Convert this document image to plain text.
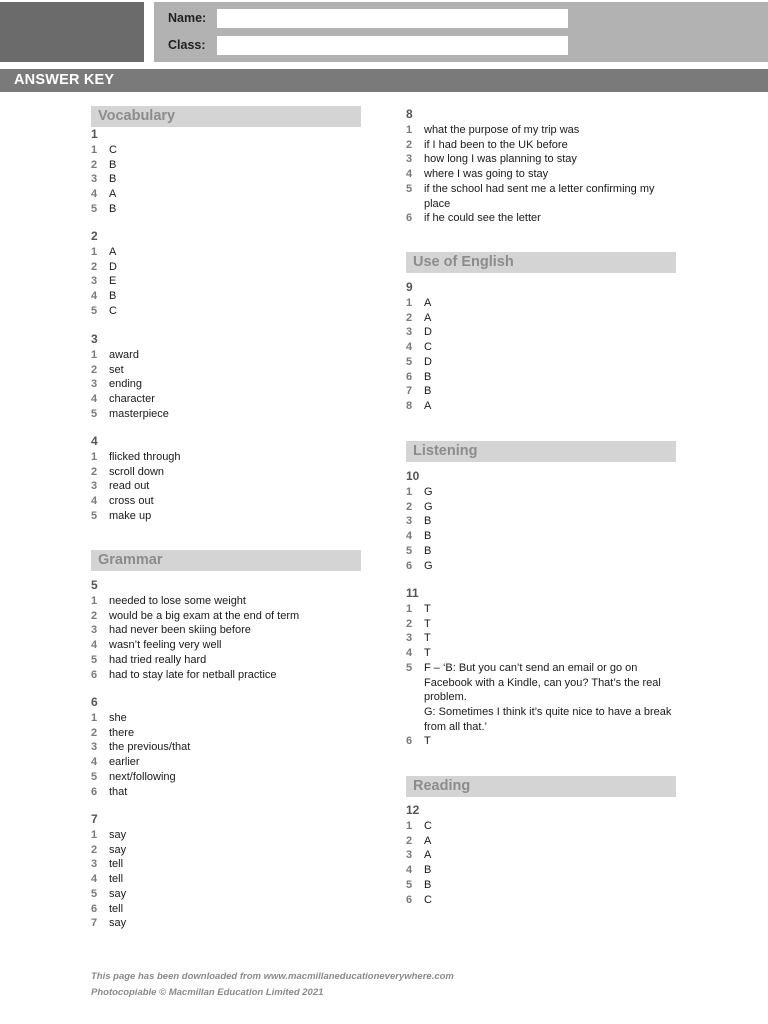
Name:
Class:
ANSWER KEY
Vocabulary
Grammar
Use of English
Listening
Reading
1
1	C
2	B
3	B
4	A
5	B
2
1	A
2	D
3	E
4	B
5	C
3
1	award
2	set
3	ending
4	character
5	masterpiece
4
1	flicked through
2	scroll down
3	read out
4	cross out
5	make up
5
1	needed to lose some weight
2	would be a big exam at the end of term
3	had never been skiing before
4	wasn’t feeling very well
5	had tried really hard
6	had to stay late for netball practice
6
1	she
2	there
3	the previous/that
4	earlier
5	next/following
6	that
7
1	say
2	say
3	tell
4	tell
5	say
6	tell
7	say
8
1	what the purpose of my trip was
2	if I had been to the UK before
3	how long I was planning to stay
4	where I was going to stay
5	if the school had sent me a letter confirming my place
6	if he could see the letter
9
1	A
2	A
3	D
4	C
5	D
6	B
7	B
8	A
10
1	G
2	G
3	B
4	B
5	B
6	G
11
1	T
2	T
3	T
4	T
5	F – ‘B: But you can’t send an email or go on Facebook with a Kindle, can you? That’s the real problem.
G: Sometimes I think it’s quite nice to have a break from all that.’
6	T
12
1	C
2	A
3	A
4	B
5	B
6	C
This page has been downloaded from www.macmillaneducationeverywhere.com
Photocopiable © Macmillan Education Limited 2021
